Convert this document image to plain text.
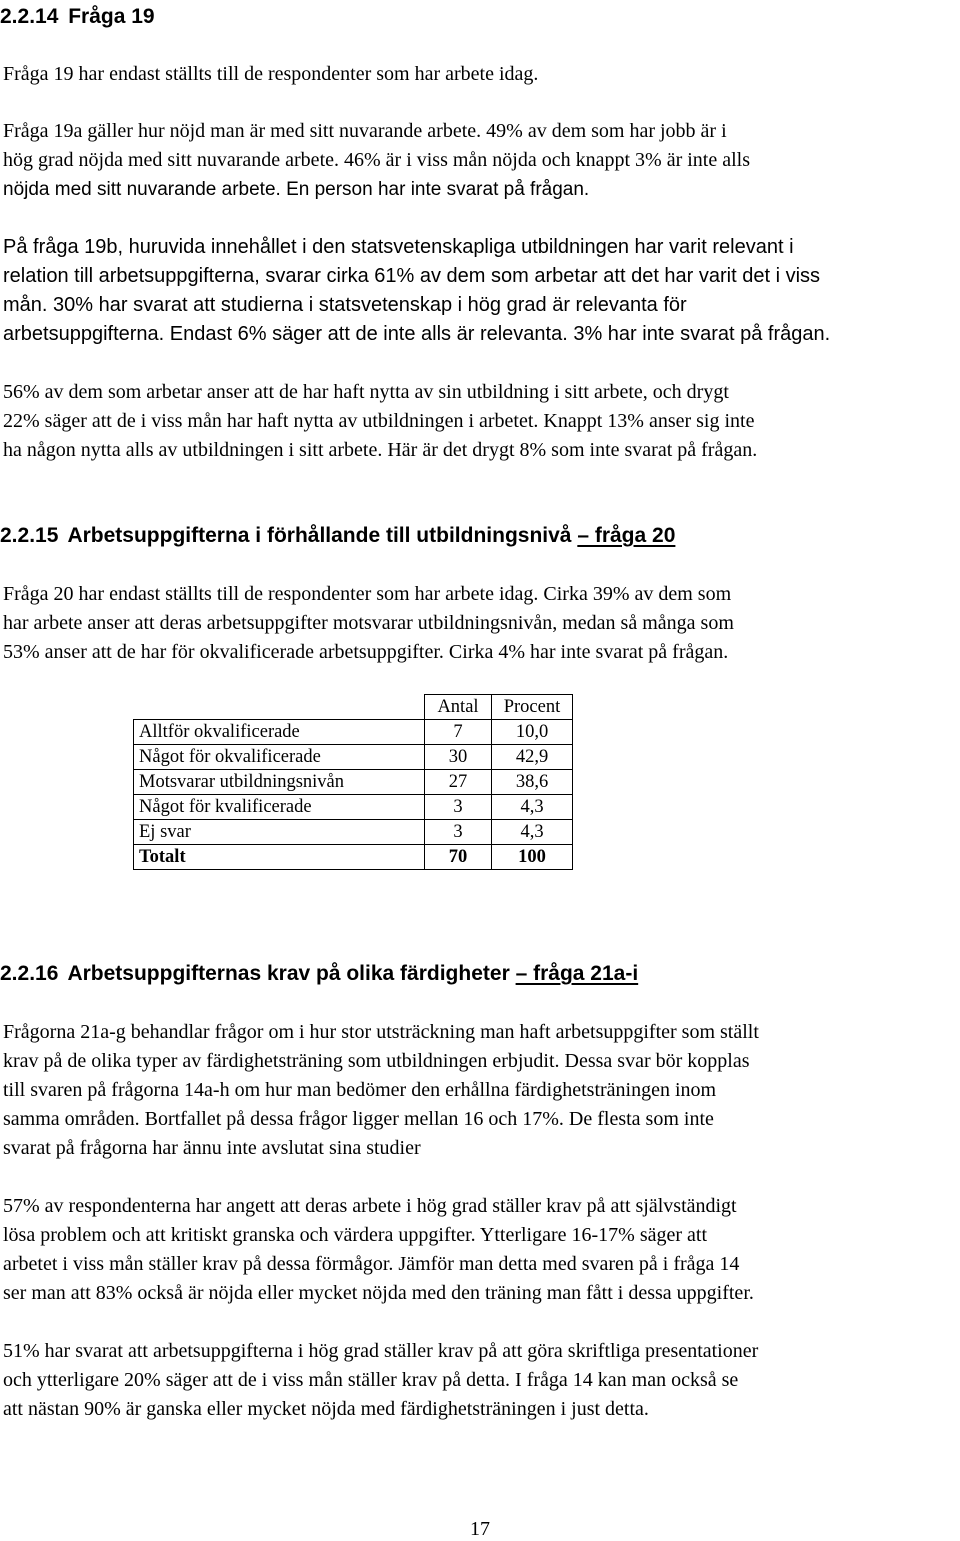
2.2.14 Fråga 19

Fråga 19 har endast ställts till de respondenter som har arbete idag.

Fråga 19a gäller hur nöjd man är med sitt nuvarande arbete. 49% av dem som har jobb är i
hög grad nöjda med sitt nuvarande arbete. 46% är i viss mån nöjda och knappt 3% är inte alls
nöjda med sitt nuvarande arbete. En person har inte svarat på frågan.

På fråga 19b, huruvida innehållet i den statsvetenskapliga utbildningen har varit relevant i
relation till arbetsuppgifterna, svarar cirka 61% av dem som arbetar att det har varit det i viss
mån. 30% har svarat att studierna i statsvetenskap i hög grad är relevanta för
arbetsuppgifterna. Endast 6% säger att de inte alls är relevanta. 3% har inte svarat på frågan.

56% av dem som arbetar anser att de har haft nytta av sin utbildning i sitt arbete, och drygt
22% säger att de i viss mån har haft nytta av utbildningen i arbetet. Knappt 13% anser sig inte
ha någon nytta alls av utbildningen i sitt arbete. Här är det drygt 8% som inte svarat på frågan.

2.2.15 Arbetsuppgifterna i förhållande till utbildningsnivå – fråga 20

Fråga 20 har endast ställts till de respondenter som har arbete idag. Cirka 39% av dem som
har arbete anser att deras arbetsuppgifter motsvarar utbildningsnivån, medan så många som
53% anser att de har för okvalificerade arbetsuppgifter. Cirka 4% har inte svarat på frågan.

	Antal	Procent
Alltför okvalificerade	7	10,0
Något för okvalificerade	30	42,9
Motsvarar utbildningsnivån	27	38,6
Något för kvalificerade	3	4,3
Ej svar	3	4,3
Totalt	70	100
2.2.16 Arbetsuppgifternas krav på olika färdigheter – fråga 21a-i

Frågorna 21a-g behandlar frågor om i hur stor utsträckning man haft arbetsuppgifter som ställt
krav på de olika typer av färdighetsträning som utbildningen erbjudit. Dessa svar bör kopplas
till svaren på frågorna 14a-h om hur man bedömer den erhållna färdighetsträningen inom
samma områden. Bortfallet på dessa frågor ligger mellan 16 och 17%. De flesta som inte
svarat på frågorna har ännu inte avslutat sina studier

57% av respondenterna har angett att deras arbete i hög grad ställer krav på att självständigt
lösa problem och att kritiskt granska och värdera uppgifter. Ytterligare 16-17% säger att
arbetet i viss mån ställer krav på dessa förmågor. Jämför man detta med svaren på i fråga 14
ser man att 83% också är nöjda eller mycket nöjda med den träning man fått i dessa uppgifter.

51% har svarat att arbetsuppgifterna i hög grad ställer krav på att göra skriftliga presentationer
och ytterligare 20% säger att de i viss mån ställer krav på detta. I fråga 14 kan man också se
att nästan 90% är ganska eller mycket nöjda med färdighetsträningen i just detta.

17
